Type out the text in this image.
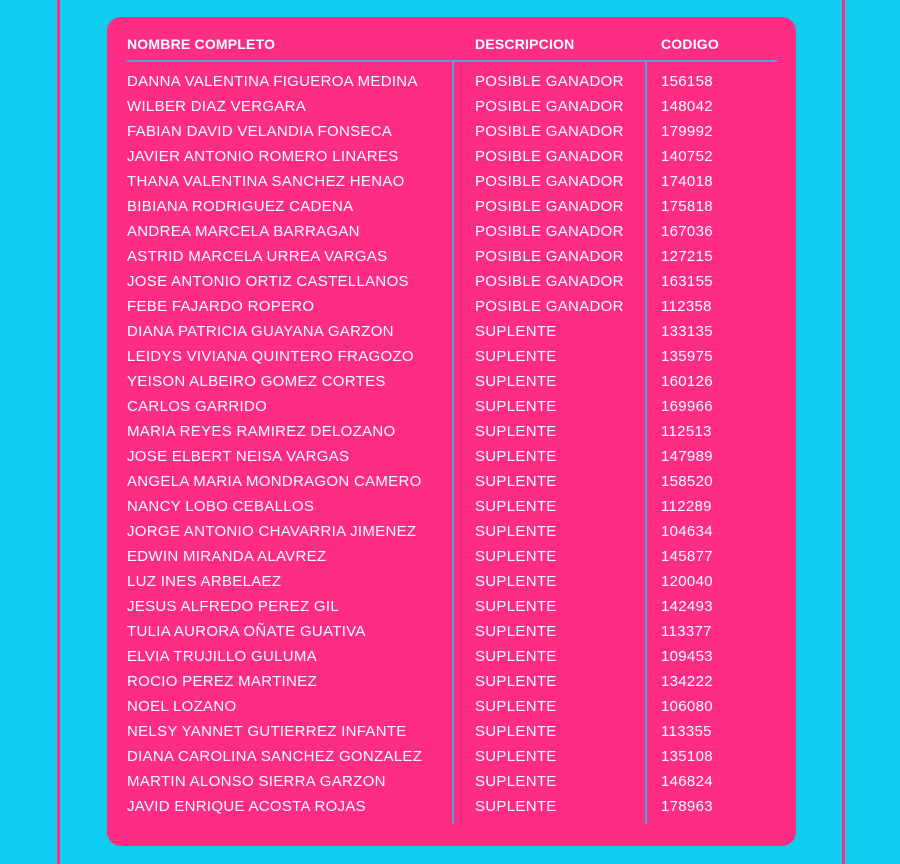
NOMBRE COMPLETO	DESCRIPCION	CODIGO
DANNA VALENTINA FIGUEROA MEDINA	POSIBLE GANADOR 156158
WILBER DIAZ VERGARA	POSIBLE GANADOR 148042
FABIAN DAVID VELANDIA FONSECA	POSIBLE GANADOR 179992
JAVIER ANTONIO ROMERO LINARES	POSIBLE GANADOR 140752
THANA VALENTINA SANCHEZ HENAO	POSIBLE GANADOR 174018
BIBIANA RODRIGUEZ CADENA	POSIBLE GANADOR 175818
ANDREA MARCELA BARRAGAN	POSIBLE GANADOR 167036
ASTRID MARCELA URREA VARGAS	POSIBLE GANADOR 127215
JOSE ANTONIO ORTIZ CASTELLANOS	POSIBLE GANADOR 163155
FEBE FAJARDO ROPERO	POSIBLE GANADOR 112358
DIANA PATRICIA GUAYANA GARZON	SUPLENTE	133135
LEIDYS VIVIANA QUINTERO FRAGOZO	SUPLENTE	135975
YEISON ALBEIRO GOMEZ CORTES	SUPLENTE	160126
CARLOS GARRIDO	SUPLENTE	169966
MARIA REYES RAMIREZ DELOZANO	SUPLENTE	112513
JOSE ELBERT NEISA VARGAS	SUPLENTE	147989
ANGELA MARIA MONDRAGON CAMERO	SUPLENTE	158520
NANCY LOBO CEBALLOS	SUPLENTE	112289
JORGE ANTONIO CHAVARRIA JIMENEZ	SUPLENTE	104634
EDWIN MIRANDA ALAVREZ	SUPLENTE	145877
LUZ INES ARBELAEZ	SUPLENTE	120040
JESUS ALFREDO PEREZ GIL	SUPLENTE	142493
TULIA AURORA OÑATE GUATIVA	SUPLENTE	113377
ELVIA TRUJILLO GULUMA	SUPLENTE	109453
ROCIO PEREZ MARTINEZ	SUPLENTE	134222
NOEL LOZANO	SUPLENTE	106080
NELSY YANNET GUTIERREZ INFANTE	SUPLENTE	113355
DIANA CAROLINA SANCHEZ GONZALEZ	SUPLENTE	135108
MARTIN ALONSO SIERRA GARZON	SUPLENTE	146824
JAVID ENRIQUE ACOSTA ROJAS	SUPLENTE	178963
